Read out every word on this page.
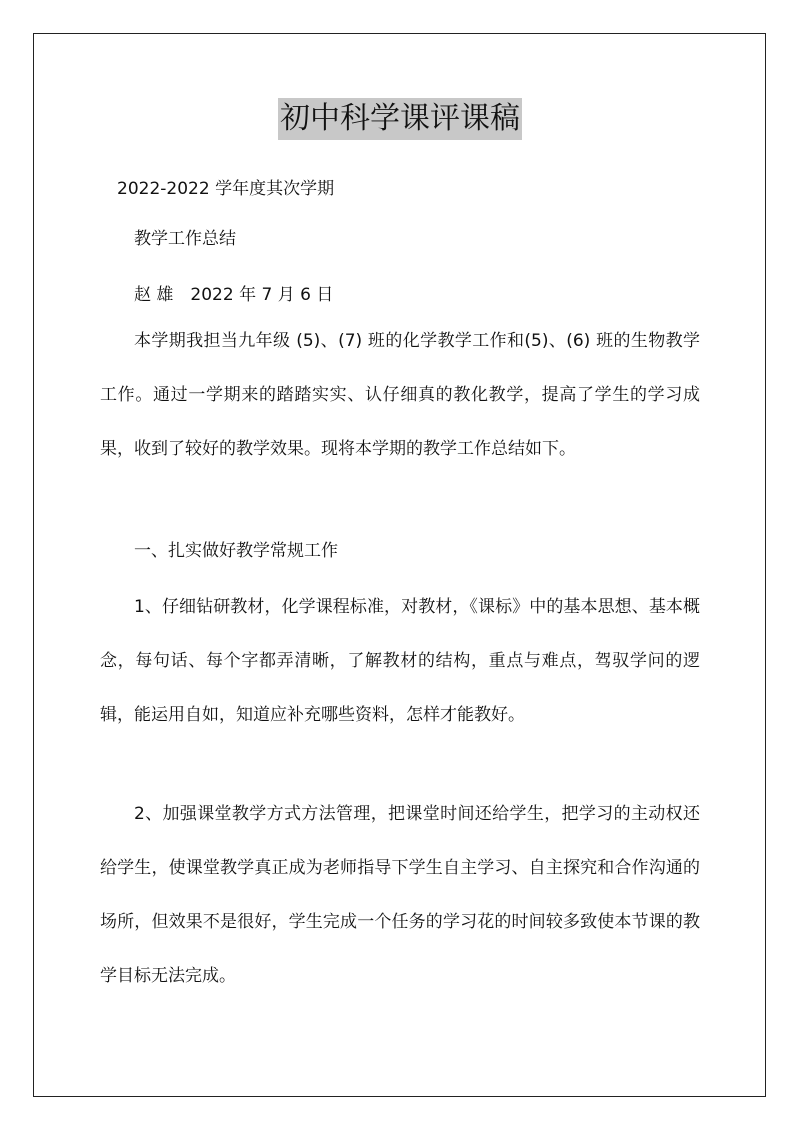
初中科学课评课稿
2022-2022 学年度其次学期
教学工作总结
赵 雄　2022 年 7 月 6 日
本学期我担当九年级 (5)、(7) 班的化学教学工作和(5)、(6) 班的生物教学工作。通过一学期来的踏踏实实、认仔细真的教化教学，提高了学生的学习成果，收到了较好的教学效果。现将本学期的教学工作总结如下。
一、扎实做好教学常规工作
1、仔细钻研教材，化学课程标准，对教材，《课标》中的基本思想、基本概念，每句话、每个字都弄清晰，了解教材的结构，重点与难点，驾驭学问的逻辑，能运用自如，知道应补充哪些资料，怎样才能教好。
2、加强课堂教学方式方法管理，把课堂时间还给学生，把学习的主动权还给学生，使课堂教学真正成为老师指导下学生自主学习、自主探究和合作沟通的场所，但效果不是很好，学生完成一个任务的学习花的时间较多致使本节课的教学目标无法完成。
